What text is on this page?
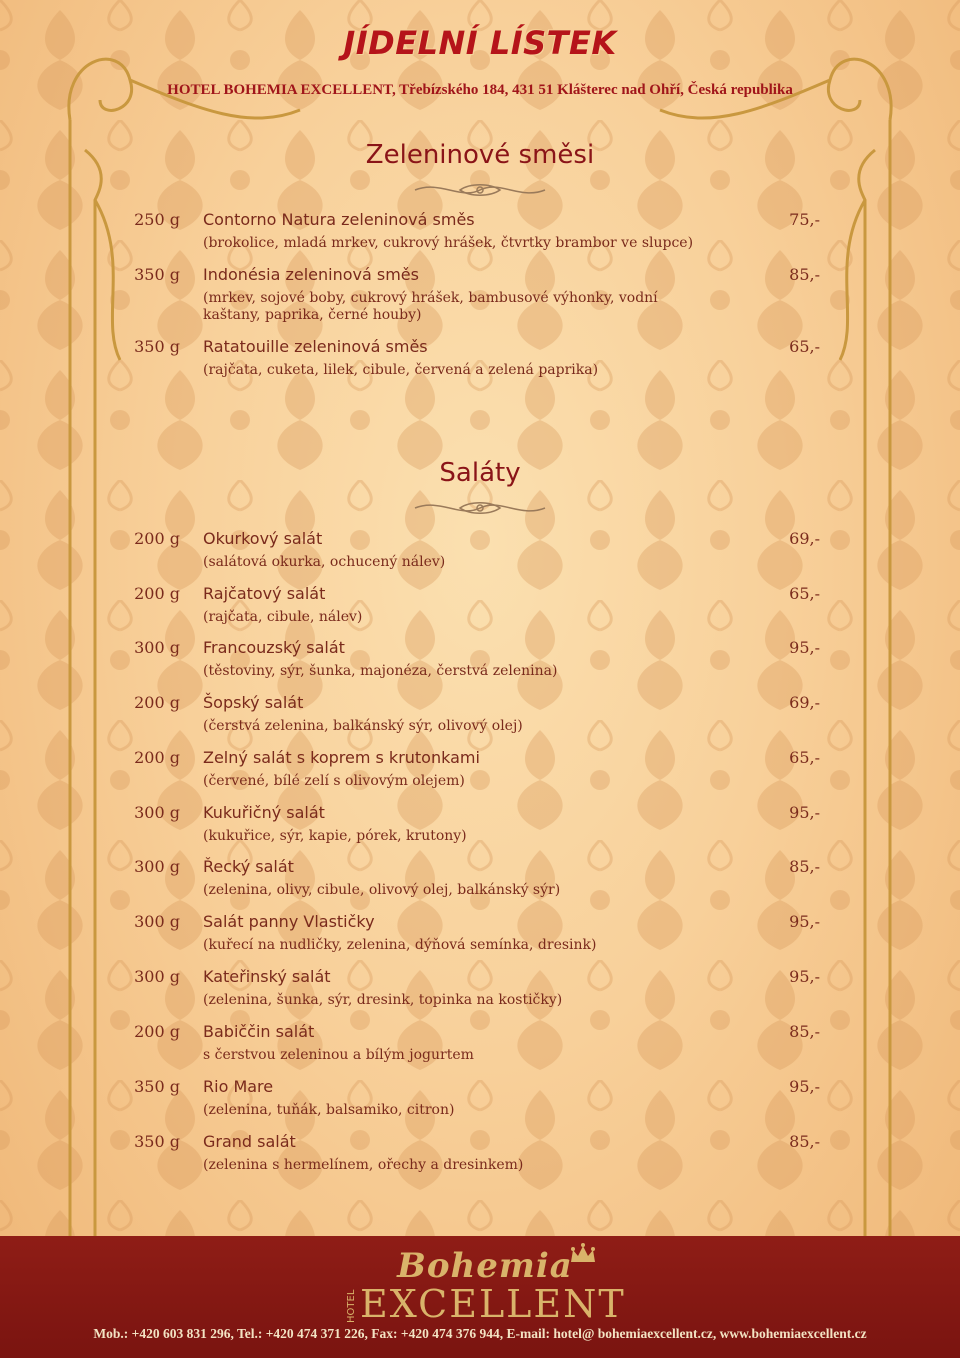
JÍDELNÍ LÍSTEK
HOTEL BOHEMIA EXCELLENT, Třebízského 184, 431 51 Klášterec nad Ohří, Česká republika
Zeleninové směsi
250 g Contorno Natura zeleninová směs
(brokolice, mladá mrkev, cukrový hrášek, čtvrtky brambor ve slupce)
75,-
350 g Indonésia zeleninová směs
(mrkev, sojové boby, cukrový hrášek, bambusové výhonky, vodní kaštany, paprika, černé houby)
85,-
350 g Ratatouille zeleninová směs
(rajčata, cuketa, lilek, cibule, červená a zelená paprika)
65,-
Saláty
200 g Okurkový salát
(salátová okurka, ochucený nálev)
69,-
200 g Rajčatový salát
(rajčata, cibule, nálev)
65,-
300 g Francouzský salát
(těstoviny, sýr, šunka, majonéza, čerstvá zelenina)
95,-
200 g Šopský salát
(čerstvá zelenina, balkánský sýr, olivový olej)
69,-
200 g Zelný salát s koprem s krutonkami
(červené, bílé zelí s olivovým olejem)
65,-
300 g Kukuřičný salát
(kukuřice, sýr, kapie, pórek, krutony)
95,-
300 g Řecký salát
(zelenina, olivy, cibule, olivový olej, balkánský sýr)
85,-
300 g Salát panny Vlastičky
(kuřecí na nudličky, zelenina, dýňová semínka, dresink)
95,-
300 g Kateřinský salát
(zelenina, šunka, sýr, dresink, topinka na kostičky)
95,-
200 g Babiččin salát
s čerstvou zeleninou a bílým jogurtem
85,-
350 g Rio Mare
(zelenina, tuňák, balsamiko, citron)
95,-
350 g Grand salát
(zelenina s hermelínem, ořechy a dresinkem)
85,-
Bohemia
HOTEL EXCELLENT
Mob.: +420 603 831 296, Tel.: +420 474 371 226, Fax: +420 474 376 944, E-mail: hotel@ bohemiaexcellent.cz, www.bohemiaexcellent.cz
